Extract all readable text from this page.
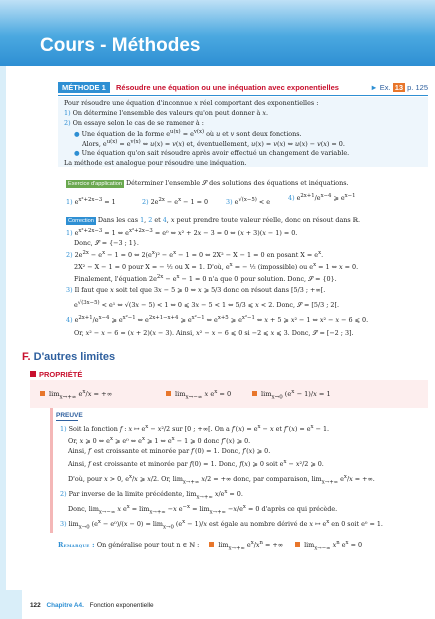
Cours - Méthodes
MÉTHODE 1	Résoudre une équation ou une inéquation avec exponentielles	► Ex. 13 p. 125
Pour résoudre une équation d'inconnue x réel comportant des exponentielles :
1) On détermine l'ensemble des valeurs qu'on peut donner à x.
2) On essaye selon le cas de se ramener à :
● Une équation de la forme $e^{u(x)} = e^{v(x)}$ où u et v sont deux fonctions.
Alors, $e^{u(x)} = e^{v(x)}$ ⇔ u(x) = v(x) et, éventuellement, u(x) = v(x) ⇔ u(x) − v(x) = 0.
● Une équation qu'on sait résoudre après avoir effectué un changement de variable.
La méthode est analogue pour résoudre une inéquation.
Exercice d'application Déterminer l'ensemble 𝒮 des solutions des équations et inéquations.
1) $e^{x^2+2x-3} = 1$	2) $2e^{2x} - e^x - 1 = 0$	3) $e^{√(x-5)} < e$	4) $e^{2x+1}/e^{x-4}$ ⩾ $e^{x-1}$
Correction Dans les cas 1, 2 et 4, x peut prendre toute valeur réelle, donc on résout dans ℝ.
1) $e^{x^2+2x-3} = 1$ ⇔ $e^{x^2+2x-3} = e^0$ ⇔ x² + 2x − 3 = 0 ⇔ (x + 3)(x − 1) = 0.
Donc, 𝒮 = {−3 ; 1}.
2) $2e^{2x} - e^x - 1 = 0$ ⇔ $2(e^x)^2 - e^x - 1 = 0$ ⇔ 2X² − X − 1 = 0 en posant $X = e^x$.
2X² − X − 1 = 0 pour X = − ½ ou X = 1. D'où, $e^x$ = − ½ (impossible) ou $e^x = 1$ ⇔ x = 0.
Finalement, l'équation $2e^{2x} - e^x - 1 = 0$ n'a que 0 pour solution. Donc, 𝒮 = {0}.
3) Il faut que x soit tel que 3x − 5 ⩾ 0 ⇔ x ⩾ 5/3 donc on résout dans [5/3 ; +∞[.
$e^{√(3x-5)} < e^1$ ⇔ √(3x − 5) < 1 ⇔ 0 ⩽ 3x − 5 < 1 ⇔ 5/3 ⩽ x < 2. Donc, 𝒮 = [5/3 ; 2[.
4) $e^{2x+1}/e^{x-4}$ ⩾ $e^{x^2-1}$ ⇔ $e^{2x+1-x+4}$ ⩾ $e^{x^2-1}$ ⇔ $e^{x+5}$ ⩾ $e^{x^2-1}$ ⇔ x + 5 ⩾ x² − 1 ⇔ x² − x − 6 ⩽ 0.
Or, x² − x − 6 = (x + 2)(x − 3). Ainsi, x² − x − 6 ⩽ 0 si −2 ⩽ x ⩽ 3. Donc, 𝒮 = [−2 ; 3].
F. D'autres limites
PROPRIÉTÉ
$\lim_{x\to+\infty} e^x/x$ = +∞	$\lim_{x\to-\infty} x$ $e^x = 0$	$\lim_{x\to 0} (e^x - 1)/x = 1$
PREUVE
1) Soit la fonction f : x ↦ $e^x - x^2/2$ sur [0 ; +∞[. On a $f'(x) = e^x - x$ et $f''(x) = e^x - 1$.
Or, x ⩾ 0 ⇔ $e^x$ ⩾ e⁰ ⇔ $e^x$ ⩾ 1 ⇔ $e^x - 1$ ⩾ 0 donc f″(x) ⩾ 0.
Ainsi, f′ est croissante et minorée par f′(0) = 1. Donc, f′(x) ⩾ 0.
Ainsi, f est croissante et minorée par f(0) = 1. Donc, f(x) ⩾ 0 soit $e^x - x^2/2$ ⩾ 0.
D'où, pour x > 0, $e^x/x$ ⩾ x/2. Or, $\lim_{x\to+\infty} x/2$ = +∞ donc, par comparaison, $\lim_{x\to+\infty} e^x/x$ = +∞.
2) Par inverse de la limite précédente, $\lim_{x\to+\infty} x/e^x = 0$.
Donc, $\lim_{x\to-\infty} x$ $e^x = \lim_{x\to+\infty} -x$ $e^{-x} = \lim_{x\to+\infty} -x/e^x = 0$ d'après ce qui précède.
3) $\lim_{x\to 0} (e^x - e^0)/(x - 0) = \lim_{x\to 0} (e^x - 1)/x$ est égale au nombre dérivé de x ↦ $e^x$ en 0 soit e⁰ = 1.
Remarque : On généralise pour tout n ∈ ℕ :	$\lim_{x\to+\infty} e^x/x^n$ = +∞	$\lim_{x\to-\infty} x^n$ $e^x = 0$
122 Chapitre A4. Fonction exponentielle
